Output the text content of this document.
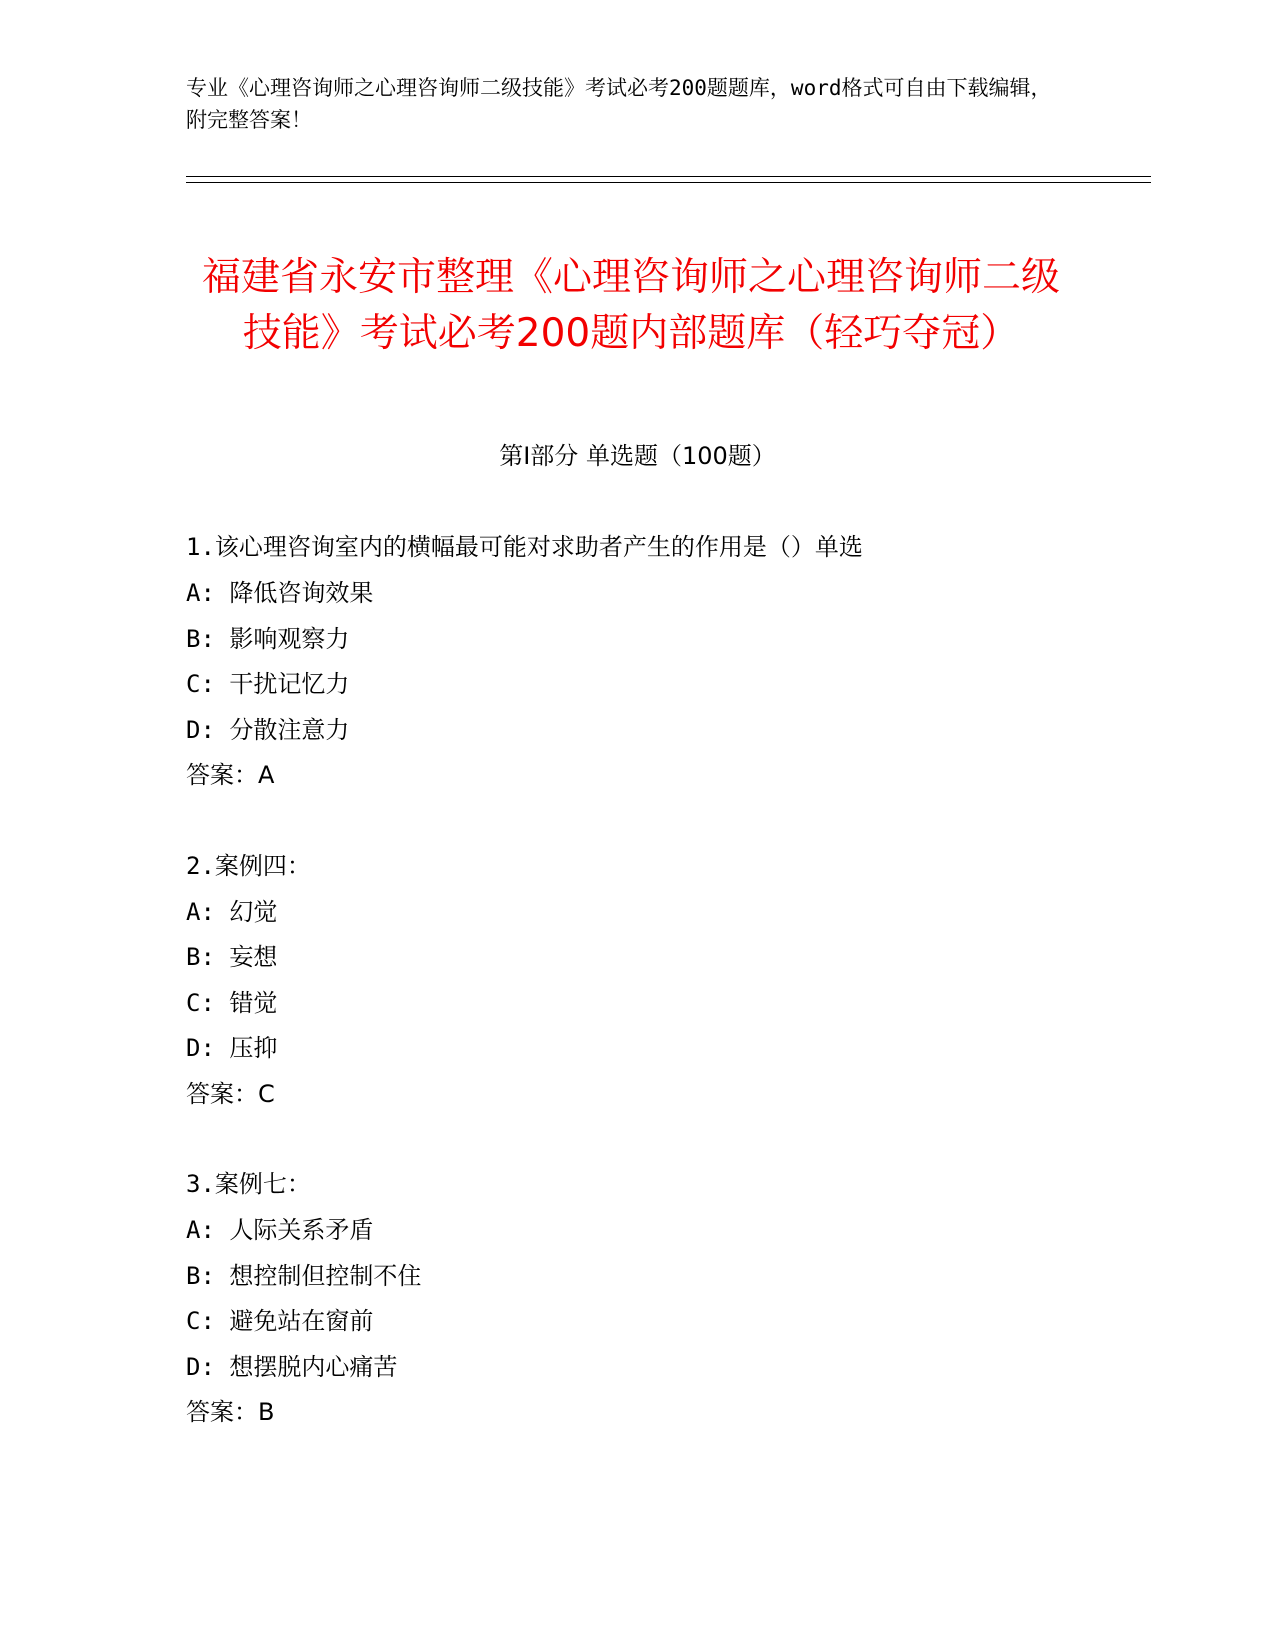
专业《心理咨询师之心理咨询师二级技能》考试必考200题题库，word格式可自由下载编辑，附完整答案！
福建省永安市整理《心理咨询师之心理咨询师二级技能》考试必考200题内部题库（轻巧夺冠）
第Ⅰ部分 单选题（100题）
1.该心理咨询室内的横幅最可能对求助者产生的作用是（）单选
A: 降低咨询效果
B: 影响观察力
C: 干扰记忆力
D: 分散注意力
答案：A
2.案例四：
A: 幻觉
B: 妄想
C: 错觉
D: 压抑
答案：C
3.案例七：
A: 人际关系矛盾
B: 想控制但控制不住
C: 避免站在窗前
D: 想摆脱内心痛苦
答案：B
